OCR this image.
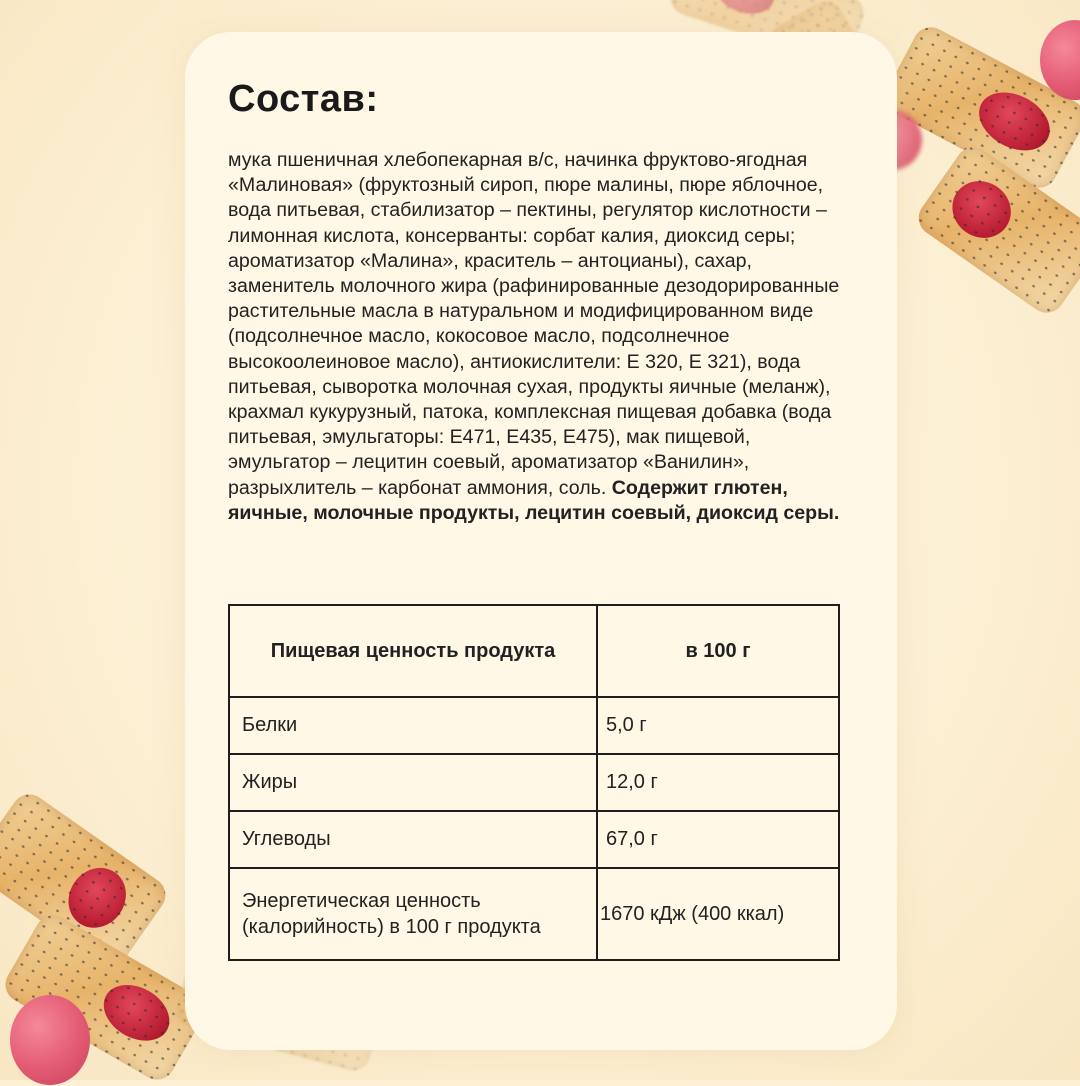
Состав:
мука пшеничная хлебопекарная в/с, начинка фруктово-ягодная «Малиновая» (фруктозный сироп, пюре малины, пюре яблочное, вода питьевая, стабилизатор – пектины, регулятор кислотности – лимонная кислота, консерванты: сорбат калия, диоксид серы; ароматизатор «Малина», краситель – антоцианы), сахар, заменитель молочного жира (рафинированные дезодорированные растительные масла в натуральном и модифицированном виде (подсолнечное масло, кокосовое масло, подсолнечное высокоолеиновое масло), антиокислители: Е 320, Е 321), вода питьевая, сыворотка молочная сухая, продукты яичные (меланж), крахмал кукурузный, патока, комплексная пищевая добавка (вода питьевая, эмульгаторы: Е471, Е435, Е475), мак пищевой, эмульгатор – лецитин соевый, ароматизатор «Ванилин», разрыхлитель – карбонат аммония, соль. Содержит глютен, яичные, молочные продукты, лецитин соевый, диоксид серы.
Пищевая ценность продукта	в 100 г
Белки	5,0 г
Жиры	12,0 г
Углеводы	67,0 г
Энергетическая ценность (калорийность) в 100 г продукта	1670 кДж (400 ккал)
